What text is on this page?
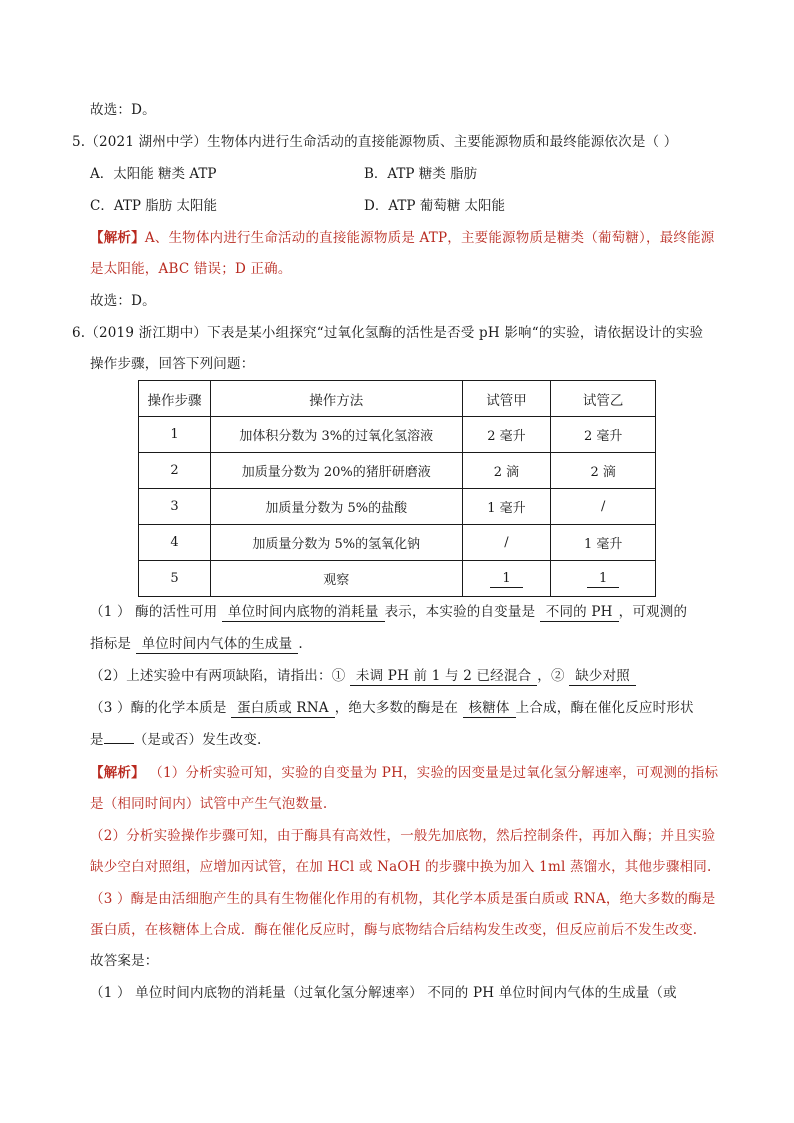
故选：D。
5.（2021 湖州中学）生物体内进行生命活动的直接能源物质、主要能源物质和最终能源依次是（ ）
A．太阳能 糖类 ATP	B．ATP 糖类 脂肪
C．ATP 脂肪 太阳能	D．ATP 葡萄糖 太阳能
【解析】A、生物体内进行生命活动的直接能源物质是 ATP，主要能源物质是糖类（葡萄糖），最终能源
是太阳能，ABC 错误；D 正确。
故选：D。
6.（2019 浙江期中）下表是某小组探究“过氧化氢酶的活性是否受 pH 影响“的实验，请依据设计的实验
操作步骤，回答下列问题：
操作步骤	操作方法	试管甲	试管乙
1	加体积分数为 3%的过氧化氢溶液	2 毫升	2 毫升
2	加质量分数为 20%的猪肝研磨液	2 滴	2 滴
3	加质量分数为 5%的盐酸	1 毫升	/
4	加质量分数为 5%的氢氧化钠	/	1 毫升
5	观察	1	1
（1 ） 酶的活性可用 单位时间内底物的消耗量 表示，本实验的自变量是 不同的 PH ，可观测的
指标是 单位时间内气体的生成量 .
（2）上述实验中有两项缺陷，请指出：① 未调 PH 前 1 与 2 已经混合 ，② 缺少对照
（3 ）酶的化学本质是 蛋白质或 RNA ，绝大多数的酶是在 核糖体 上合成，酶在催化反应时形状
是 （是或否）发生改变.
【解析】 （1）分析实验可知，实验的自变量为 PH，实验的因变量是过氧化氢分解速率，可观测的指标
是（相同时间内）试管中产生气泡数量.
（2）分析实验操作步骤可知，由于酶具有高效性，一般先加底物，然后控制条件，再加入酶；并且实验
缺少空白对照组，应增加丙试管，在加 HCl 或 NaOH 的步骤中换为加入 1ml 蒸馏水，其他步骤相同.
（3 ）酶是由活细胞产生的具有生物催化作用的有机物，其化学本质是蛋白质或 RNA，绝大多数的酶是
蛋白质，在核糖体上合成．酶在催化反应时，酶与底物结合后结构发生改变，但反应前后不发生改变.
故答案是：
（1 ） 单位时间内底物的消耗量（过氧化氢分解速率） 不同的 PH 单位时间内气体的生成量（或
